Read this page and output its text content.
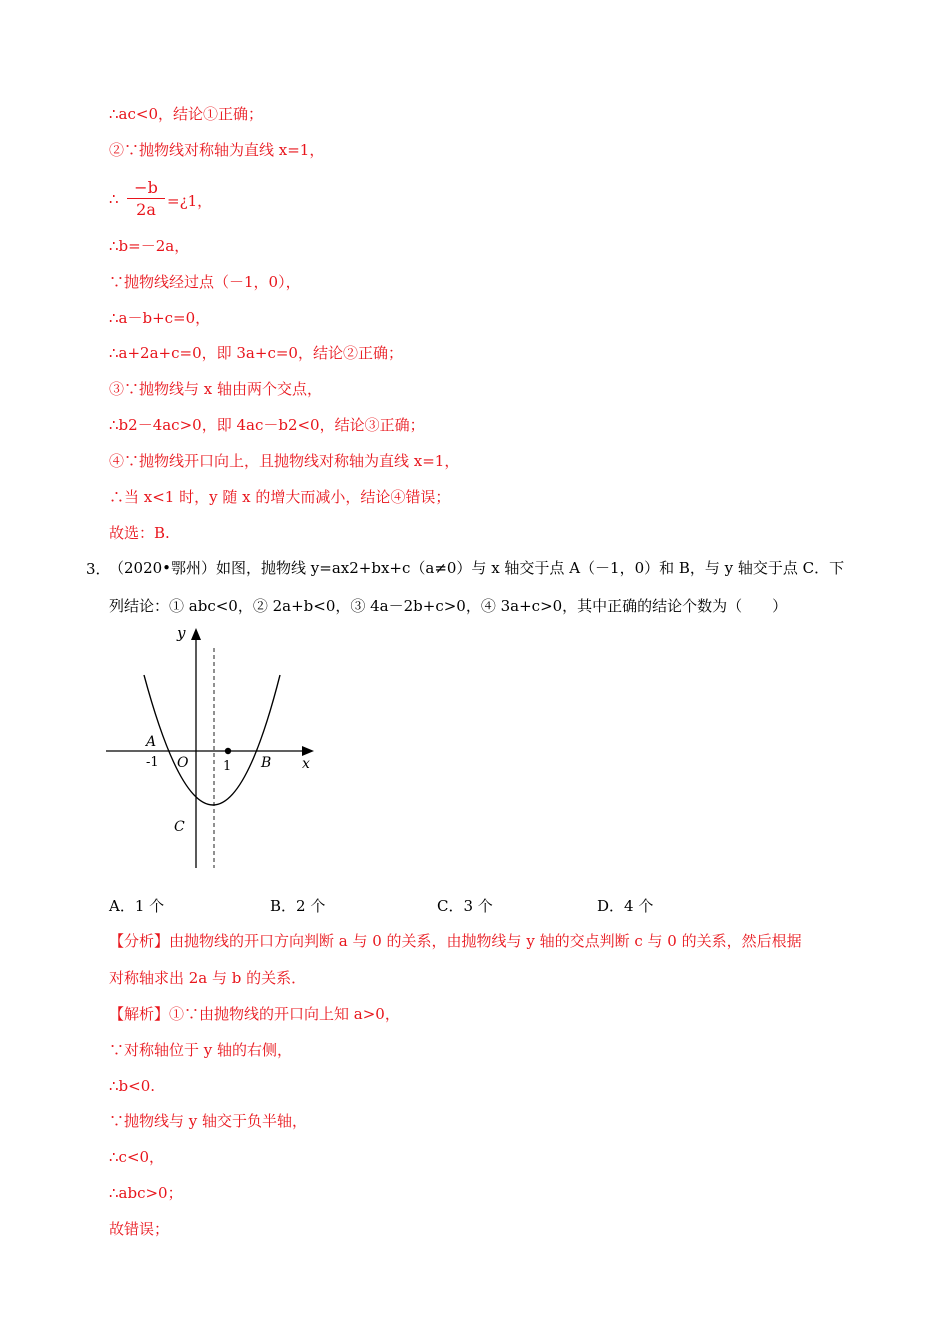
∴ac<0，结论①正确；
②∵抛物线对称轴为直线 x=1，
∴
−b
2a =¿1，
∴b=－2a，
∵抛物线经过点（－1，0），
∴a－b+c=0，
∴a+2a+c=0，即 3a+c=0，结论②正确；
③∵抛物线与 x 轴由两个交点，
∴b2－4ac>0，即 4ac－b2<0，结论③正确；
④∵抛物线开口向上，且抛物线对称轴为直线 x=1，
∴当 x<1 时，y 随 x 的增大而减小，结论④错误；
故选：B.
3．
（2020•鄂州）如图，抛物线 y=ax2+bx+c（a≠0）与 x 轴交于点 A（－1，0）和 B，与 y 轴交于点 C．下
列结论：① abc<0，② 2a+b<0，③ 4a－2b+c>0，④ 3a+c>0，其中正确的结论个数为（　　）
y
x
A
-1 O	1 B
C
A．1 个	B．2 个	C．3 个	D．4 个
【分析】由抛物线的开口方向判断 a 与 0 的关系，由抛物线与 y 轴的交点判断 c 与 0 的关系，然后根据
对称轴求出 2a 与 b 的关系．
【解析】①∵由抛物线的开口向上知 a>0，
∵对称轴位于 y 轴的右侧，
∴b<0.
∵抛物线与 y 轴交于负半轴，
∴c<0，
∴abc>0；
故错误；
